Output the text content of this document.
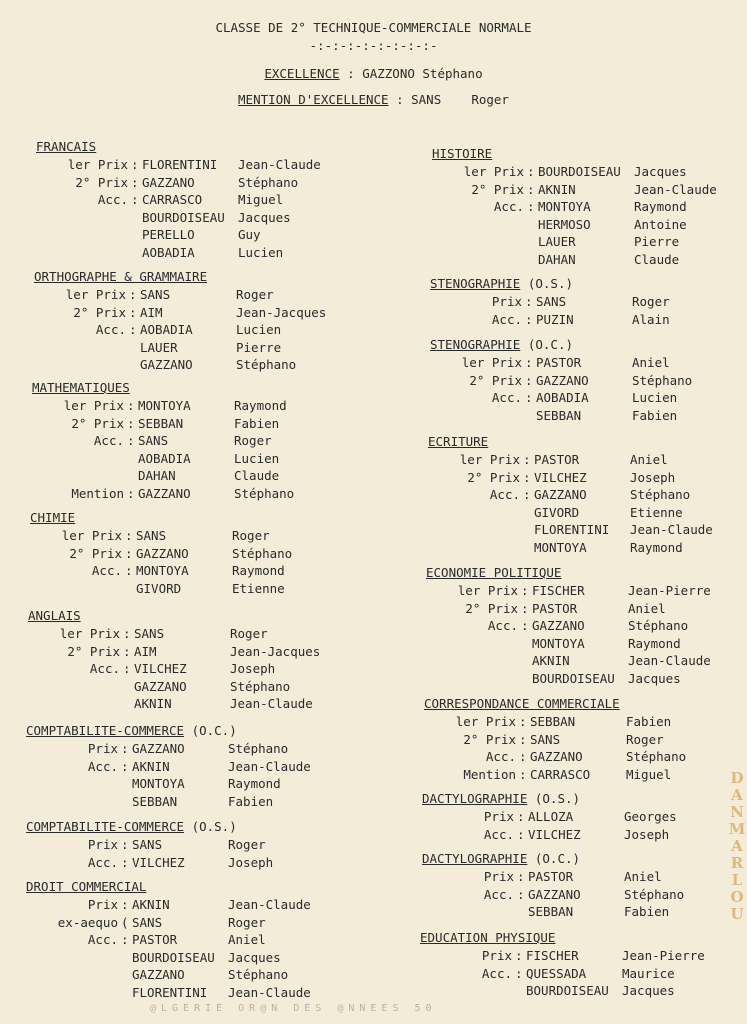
CLASSE DE 2° TECHNIQUE-COMMERCIALE NORMALE
-:-:-:-:-:-:-:-:-
EXCELLENCE : GAZZONO Stéphano
MENTION D'EXCELLENCE : SANS    Roger
FRANCAIS
ler Prix : FLORENTINI Jean-Claude
2° Prix : GAZZANO	Stéphano
Acc. : CARRASCO	Miguel
BOURDOISEAU Jacques
PERELLO	Guy
AOBADIA	Lucien
ORTHOGRAPHE & GRAMMAIRE
ler Prix : SANS	Roger
2° Prix : AIM	Jean-Jacques
Acc. : AOBADIA	Lucien
LAUER	Pierre
GAZZANO	Stéphano
MATHEMATIQUES
ler Prix : MONTOYA	Raymond
2° Prix : SEBBAN	Fabien
Acc. : SANS	Roger
AOBADIA	Lucien
DAHAN	Claude
Mention : GAZZANO	Stéphano
CHIMIE
ler Prix : SANS	Roger
2° Prix : GAZZANO	Stéphano
Acc. : MONTOYA	Raymond
GIVORD	Etienne
ANGLAIS
ler Prix : SANS	Roger
2° Prix : AIM	Jean-Jacques
Acc. : VILCHEZ	Joseph
GAZZANO	Stéphano
AKNIN	Jean-Claude
COMPTABILITE-COMMERCE (O.C.)
Prix : GAZZANO	Stéphano
Acc. : AKNIN	Jean-Claude
MONTOYA	Raymond
SEBBAN	Fabien
COMPTABILITE-COMMERCE (O.S.)
Prix : SANS	Roger
Acc. : VILCHEZ	Joseph
DROIT COMMERCIAL
Prix : AKNIN	Jean-Claude
ex-aequo ( SANS	Roger
Acc. : PASTOR	Aniel
BOURDOISEAU Jacques
GAZZANO	Stéphano
FLORENTINI Jean-Claude
HISTOIRE
ler Prix : BOURDOISEAU Jacques
2° Prix : AKNIN	Jean-Claude
Acc. : MONTOYA	Raymond
HERMOSO	Antoine
LAUER	Pierre
DAHAN	Claude
STENOGRAPHIE (O.S.)
Prix : SANS	Roger
Acc. : PUZIN	Alain
STENOGRAPHIE (O.C.)
ler Prix : PASTOR	Aniel
2° Prix : GAZZANO	Stéphano
Acc. : AOBADIA	Lucien
SEBBAN	Fabien
ECRITURE
ler Prix : PASTOR	Aniel
2° Prix : VILCHEZ	Joseph
Acc. : GAZZANO	Stéphano
GIVORD	Etienne
FLORENTINI Jean-Claude
MONTOYA	Raymond
ECONOMIE POLITIQUE
ler Prix : FISCHER	Jean-Pierre
2° Prix : PASTOR	Aniel
Acc. : GAZZANO	Stéphano
MONTOYA	Raymond
AKNIN	Jean-Claude
BOURDOISEAU Jacques
CORRESPONDANCE COMMERCIALE
ler Prix : SEBBAN	Fabien
2° Prix : SANS	Roger
Acc. : GAZZANO	Stéphano
Mention : CARRASCO	Miguel
DACTYLOGRAPHIE (O.S.)
Prix : ALLOZA	Georges
Acc. : VILCHEZ	Joseph
DACTYLOGRAPHIE (O.C.)
Prix : PASTOR	Aniel
Acc. : GAZZANO	Stéphano
SEBBAN	Fabien
EDUCATION PHYSIQUE
Prix : FISCHER	Jean-Pierre
Acc. : QUESSADA	Maurice
BOURDOISEAU Jacques
@LGERIE OR@N DES @NNEES 50
DANMARLOU
